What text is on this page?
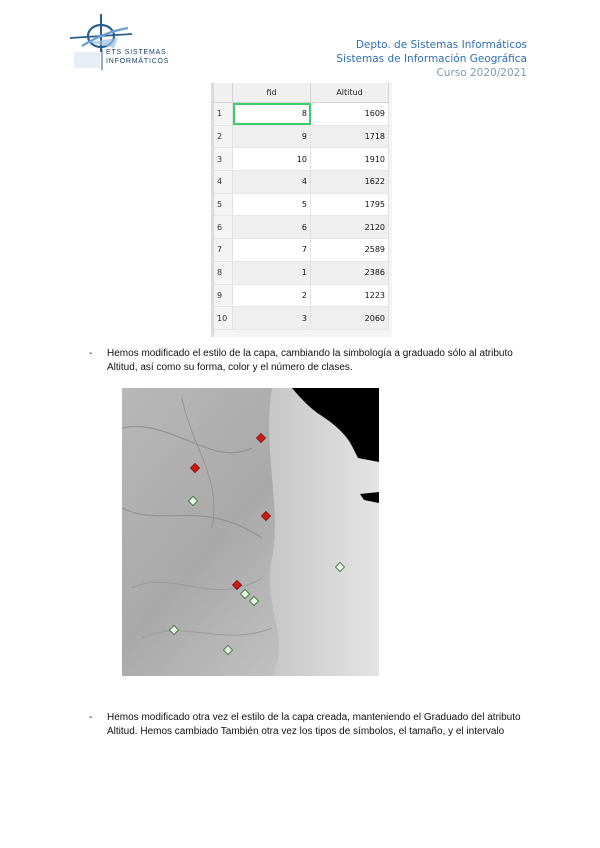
ETS SISTEMAS
INFORMÁTICOS
Depto. de Sistemas Informáticos
Sistemas de Información Geográfica
Curso 2020/2021
	fid	Altitud
1	8	1609
2	9	1718
3	10	1910
4	4	1622
5	5	1795
6	6	2120
7	7	2589
8	1	2386
9	2	1223
10	3	2060
- Hemos modificado el estilo de la capa, cambiando la simbología a graduado sólo al atributo Altitud, así como su forma, color y el número de clases.
- Hemos modificado otra vez el estilo de la capa creada, manteniendo el Graduado del atributo Altitud. Hemos cambiado También otra vez los tipos de símbolos, el tamaño, y el intervalo
